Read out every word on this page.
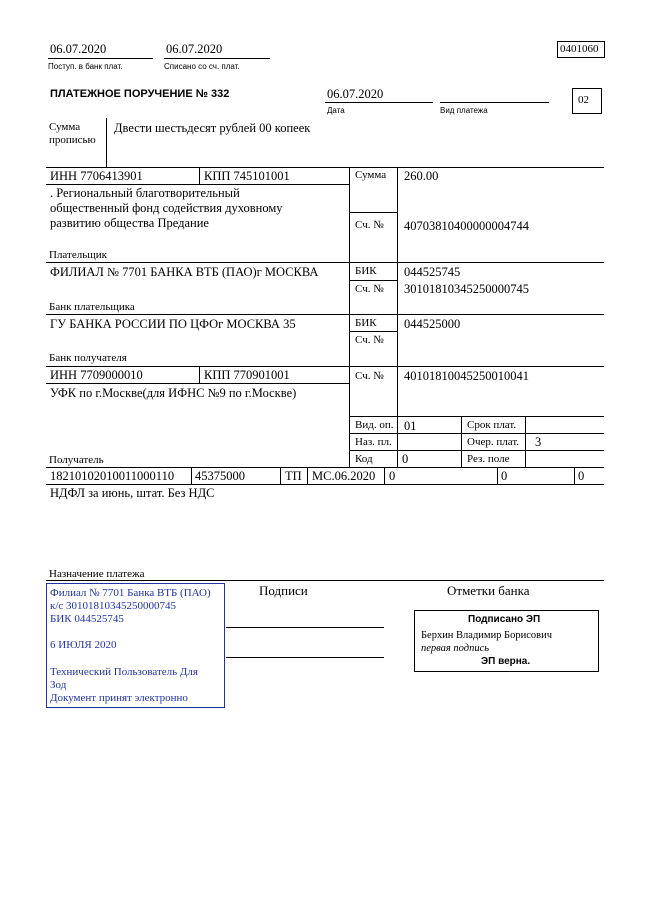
06.07.2020
Поступ. в банк плат.
06.07.2020
Списано со сч. плат.
0401060
ПЛАТЕЖНОЕ ПОРУЧЕНИЕ № 332	06.07.2020
Дата	Вид платежа
02
Сумма
прописью
Двести шестьдесят рублей 00 копеек
ИНН 7706413901	КПП 745101001
. Региональный благотворительный
общественный фонд содействия духовному
развитию общества Предание
Плательщик
Сумма 260.00
Сч. № 40703810400000004744
ФИЛИАЛ № 7701 БАНКА ВТБ (ПАО)г МОСКВА
Банк плательщика
БИК 044525745
Сч. № 30101810345250000745
ГУ БАНКА РОССИИ ПО ЦФОг МОСКВА 35
Банк получателя
БИК 044525000
Сч. №
ИНН 7709000010	КПП 770901001
УФК по г.Москве(для ИФНС №9 по г.Москве)
Получатель
Сч. № 40101810045250010041
Вид. оп. 01	Срок плат.
Наз. пл.	Очер. плат. 3
Код 0	Рез. поле
18210102010011000110 45375000	ТП МС.06.2020 0	0	0
НДФЛ за июнь, штат. Без НДС
Назначение платежа
Подписи	Отметки банка
Филиал № 7701 Банка ВТБ (ПАО)
к/с 30101810345250000745
БИК 044525745
6 ИЮЛЯ 2020
Технический Пользователь Для
Зод
Документ принят электронно
Подписано ЭП
Берхин Владимир Борисович
первая подпись
ЭП верна.
